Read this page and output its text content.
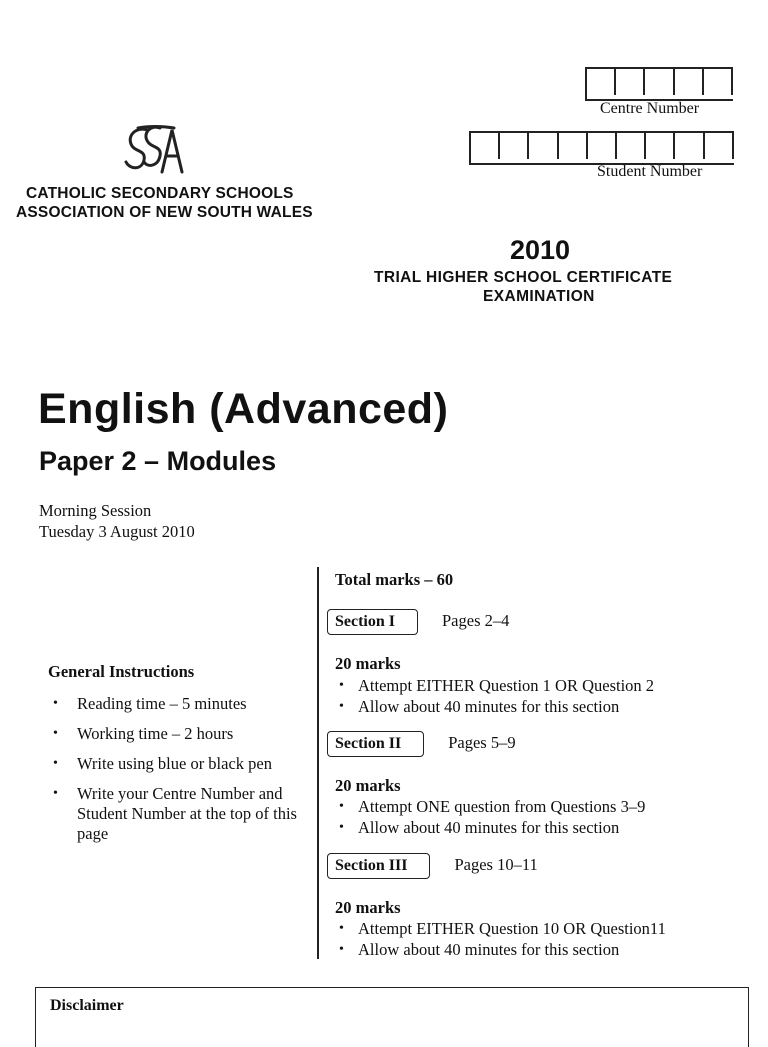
Centre Number
Student Number
CATHOLIC SECONDARY SCHOOLS
ASSOCIATION OF NEW SOUTH WALES
2010
TRIAL HIGHER SCHOOL CERTIFICATE
EXAMINATION
English (Advanced)
Paper 2 – Modules
Morning Session
Tuesday 3 August 2010
General Instructions
• Reading time – 5 minutes
• Working time – 2 hours
• Write using blue or black pen
• Write your Centre Number and Student Number at the top of this page
Total marks – 60
Section I	Pages 2–4
20 marks
• Attempt EITHER Question 1 OR Question 2
• Allow about 40 minutes for this section
Section II	Pages 5–9
20 marks
• Attempt ONE question from Questions 3–9
• Allow about 40 minutes for this section
Section III	Pages 10–11
20 marks
• Attempt EITHER Question 10 OR Question11
• Allow about 40 minutes for this section
Disclaimer
